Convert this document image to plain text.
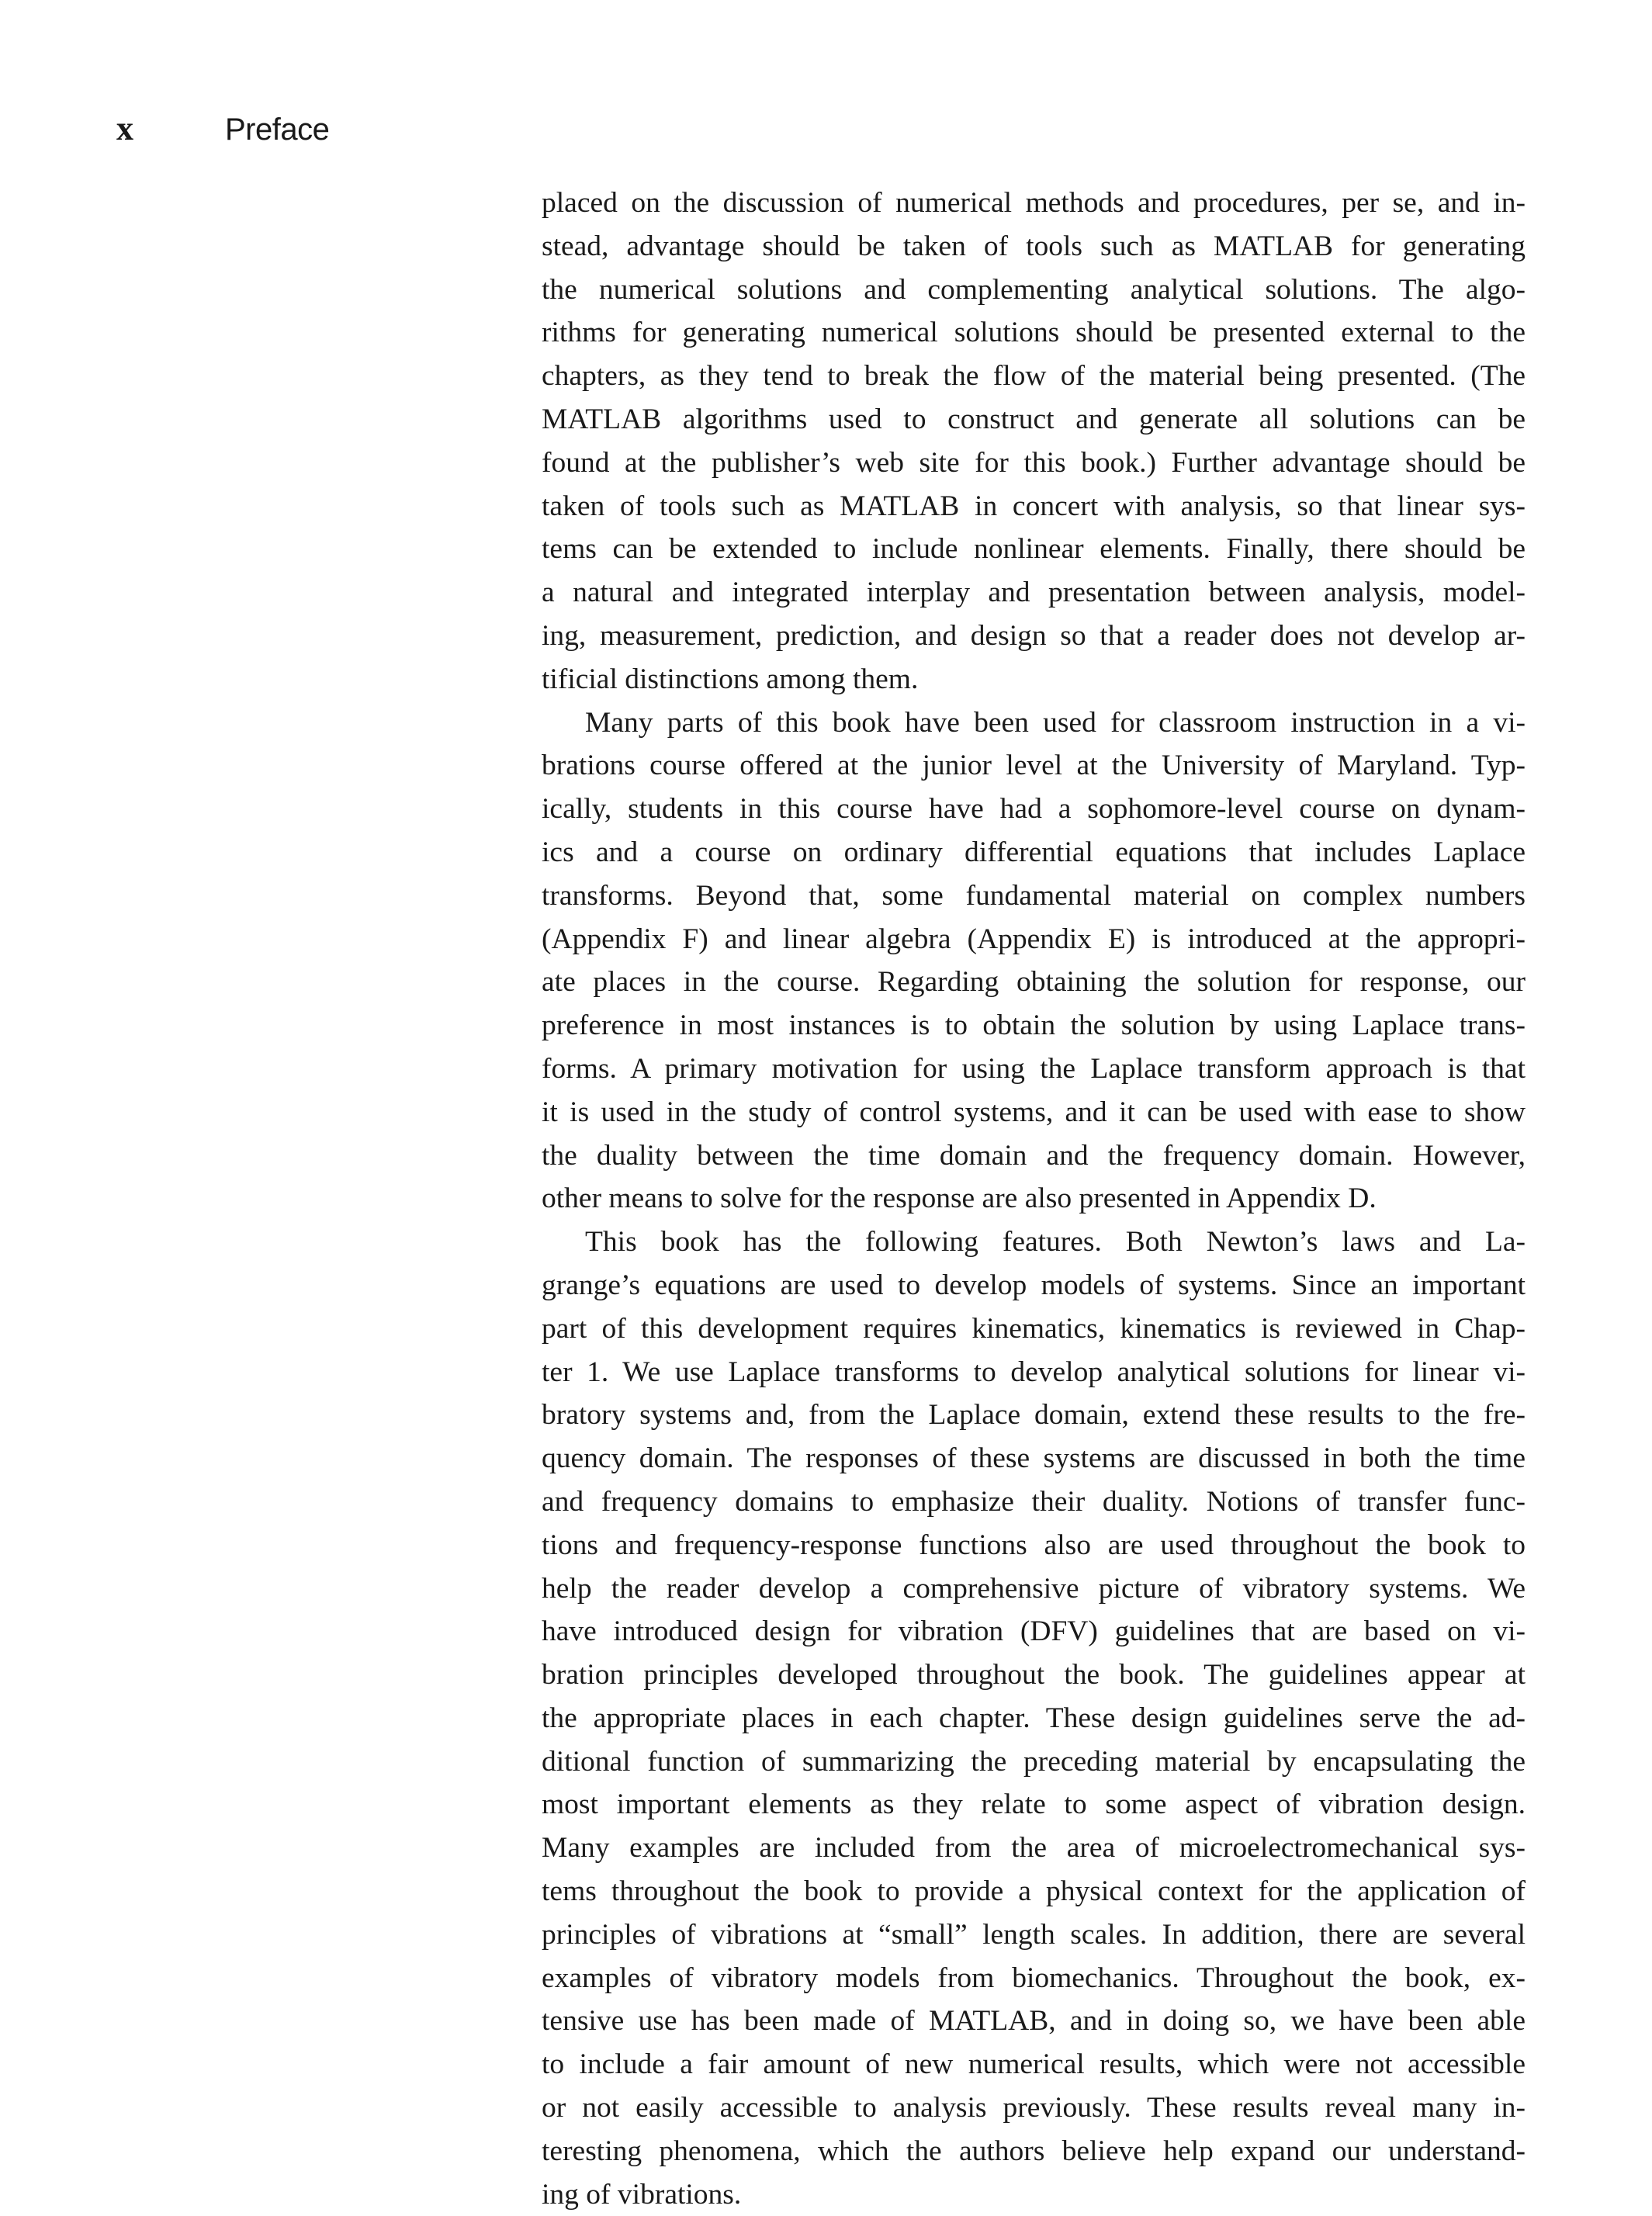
x	Preface
placed on the discussion of numerical methods and procedures, per se, and in-
stead, advantage should be taken of tools such as MATLAB for generating
the numerical solutions and complementing analytical solutions. The algo-
rithms for generating numerical solutions should be presented external to the
chapters, as they tend to break the flow of the material being presented. (The
MATLAB algorithms used to construct and generate all solutions can be
found at the publisher’s web site for this book.) Further advantage should be
taken of tools such as MATLAB in concert with analysis, so that linear sys-
tems can be extended to include nonlinear elements. Finally, there should be
a natural and integrated interplay and presentation between analysis, model-
ing, measurement, prediction, and design so that a reader does not develop ar-
tificial distinctions among them.
Many parts of this book have been used for classroom instruction in a vi-
brations course offered at the junior level at the University of Maryland. Typ-
ically, students in this course have had a sophomore-level course on dynam-
ics and a course on ordinary differential equations that includes Laplace
transforms. Beyond that, some fundamental material on complex numbers
(Appendix F) and linear algebra (Appendix E) is introduced at the appropri-
ate places in the course. Regarding obtaining the solution for response, our
preference in most instances is to obtain the solution by using Laplace trans-
forms. A primary motivation for using the Laplace transform approach is that
it is used in the study of control systems, and it can be used with ease to show
the duality between the time domain and the frequency domain. However,
other means to solve for the response are also presented in Appendix D.
This book has the following features. Both Newton’s laws and La-
grange’s equations are used to develop models of systems. Since an important
part of this development requires kinematics, kinematics is reviewed in Chap-
ter 1. We use Laplace transforms to develop analytical solutions for linear vi-
bratory systems and, from the Laplace domain, extend these results to the fre-
quency domain. The responses of these systems are discussed in both the time
and frequency domains to emphasize their duality. Notions of transfer func-
tions and frequency-response functions also are used throughout the book to
help the reader develop a comprehensive picture of vibratory systems. We
have introduced design for vibration (DFV) guidelines that are based on vi-
bration principles developed throughout the book. The guidelines appear at
the appropriate places in each chapter. These design guidelines serve the ad-
ditional function of summarizing the preceding material by encapsulating the
most important elements as they relate to some aspect of vibration design.
Many examples are included from the area of microelectromechanical sys-
tems throughout the book to provide a physical context for the application of
principles of vibrations at “small” length scales. In addition, there are several
examples of vibratory models from biomechanics. Throughout the book, ex-
tensive use has been made of MATLAB, and in doing so, we have been able
to include a fair amount of new numerical results, which were not accessible
or not easily accessible to analysis previously. These results reveal many in-
teresting phenomena, which the authors believe help expand our understand-
ing of vibrations.
